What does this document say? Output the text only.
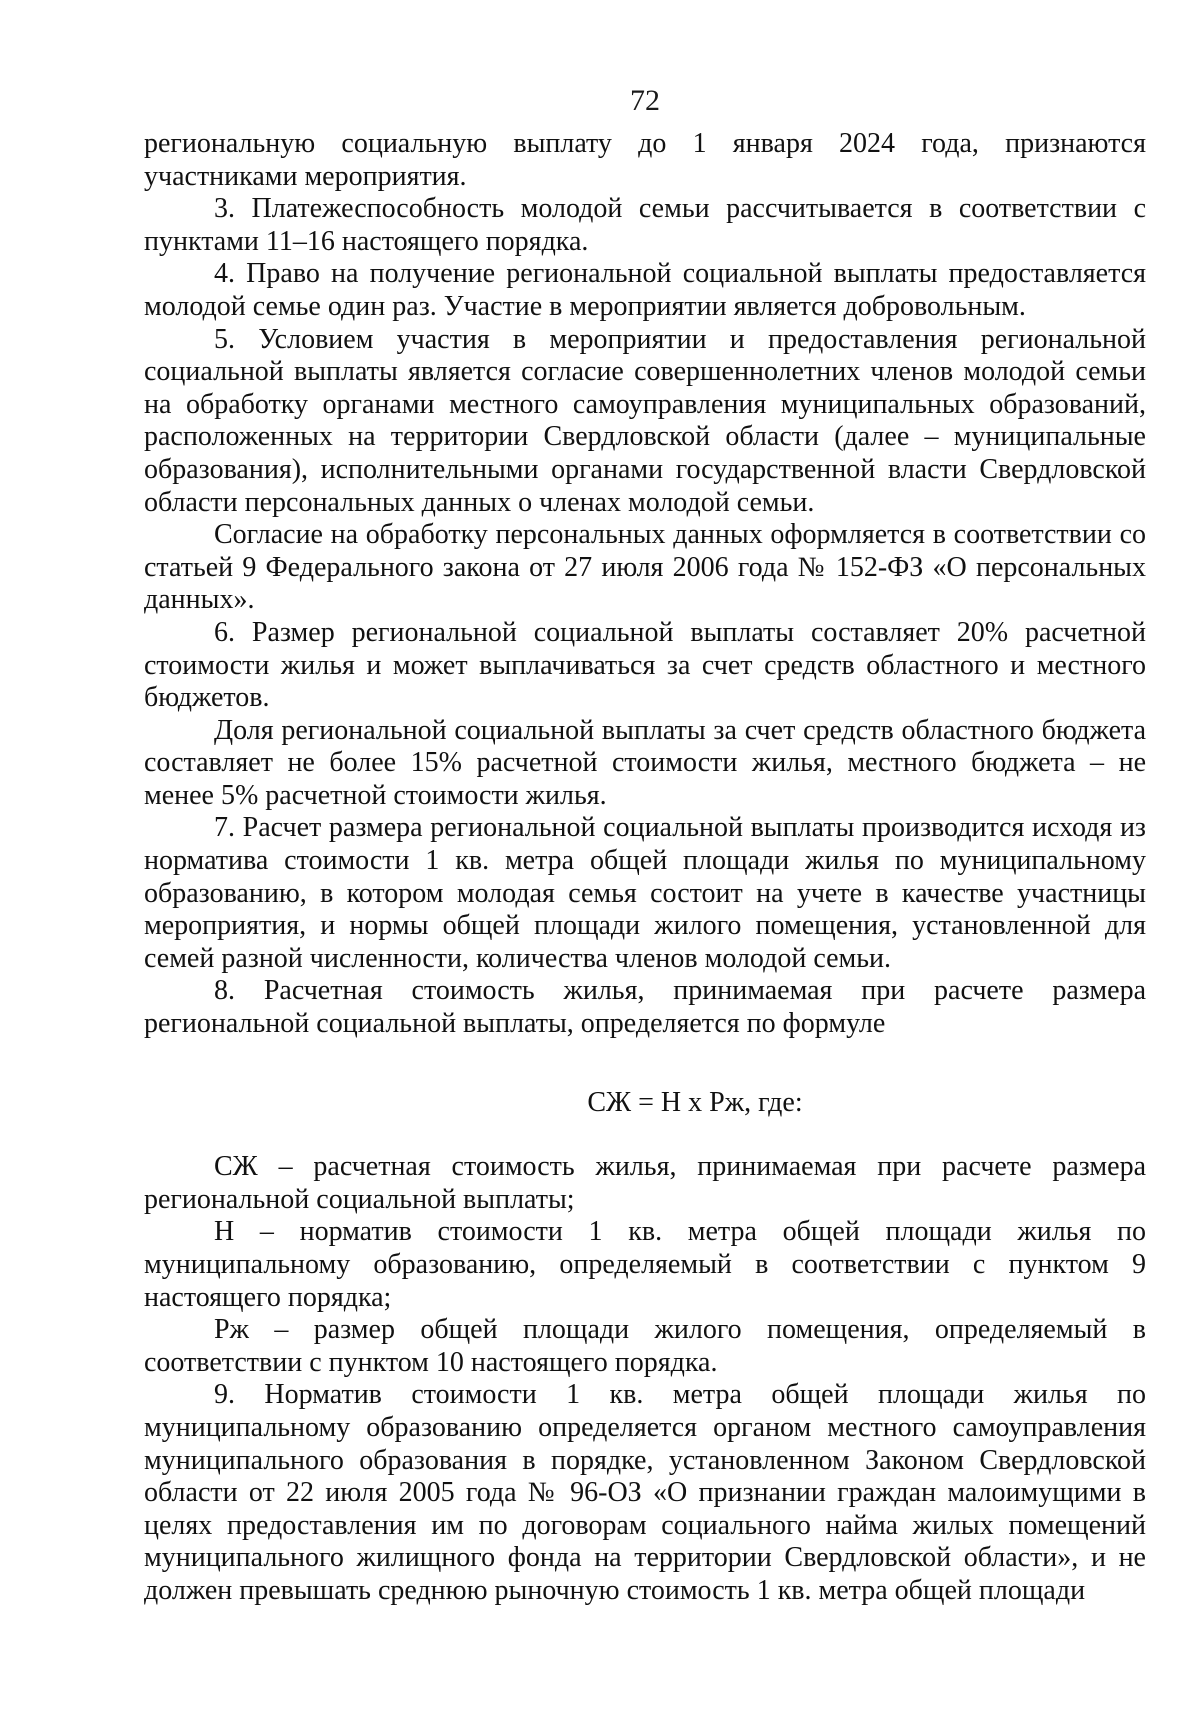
72

региональную социальную выплату до 1 января 2024 года, признаются участниками мероприятия.

3. Платежеспособность молодой семьи рассчитывается в соответствии с пунктами 11–16 настоящего порядка.

4. Право на получение региональной социальной выплаты предоставляется молодой семье один раз. Участие в мероприятии является добровольным.

5. Условием участия в мероприятии и предоставления региональной социальной выплаты является согласие совершеннолетних членов молодой семьи на обработку органами местного самоуправления муниципальных образований, расположенных на территории Свердловской области (далее – муниципальные образования), исполнительными органами государственной власти Свердловской области персональных данных о членах молодой семьи.

Согласие на обработку персональных данных оформляется в соответствии со статьей 9 Федерального закона от 27 июля 2006 года № 152-ФЗ «О персональных данных».

6. Размер региональной социальной выплаты составляет 20% расчетной стоимости жилья и может выплачиваться за счет средств областного и местного бюджетов.

Доля региональной социальной выплаты за счет средств областного бюджета составляет не более 15% расчетной стоимости жилья, местного бюджета – не менее 5% расчетной стоимости жилья.

7. Расчет размера региональной социальной выплаты производится исходя из норматива стоимости 1 кв. метра общей площади жилья по муниципальному образованию, в котором молодая семья состоит на учете в качестве участницы мероприятия, и нормы общей площади жилого помещения, установленной для семей разной численности, количества членов молодой семьи.

8. Расчетная стоимость жилья, принимаемая при расчете размера региональной социальной выплаты, определяется по формуле

СЖ = Н х Рж, где:

СЖ – расчетная стоимость жилья, принимаемая при расчете размера региональной социальной выплаты;

Н – норматив стоимости 1 кв. метра общей площади жилья по муниципальному образованию, определяемый в соответствии с пунктом 9 настоящего порядка;

Рж – размер общей площади жилого помещения, определяемый в соответствии с пунктом 10 настоящего порядка.

9. Норматив стоимости 1 кв. метра общей площади жилья по муниципальному образованию определяется органом местного самоуправления муниципального образования в порядке, установленном Законом Свердловской области от 22 июля 2005 года № 96-ОЗ «О признании граждан малоимущими в целях предоставления им по договорам социального найма жилых помещений муниципального жилищного фонда на территории Свердловской области», и не должен превышать среднюю рыночную стоимость 1 кв. метра общей площади
